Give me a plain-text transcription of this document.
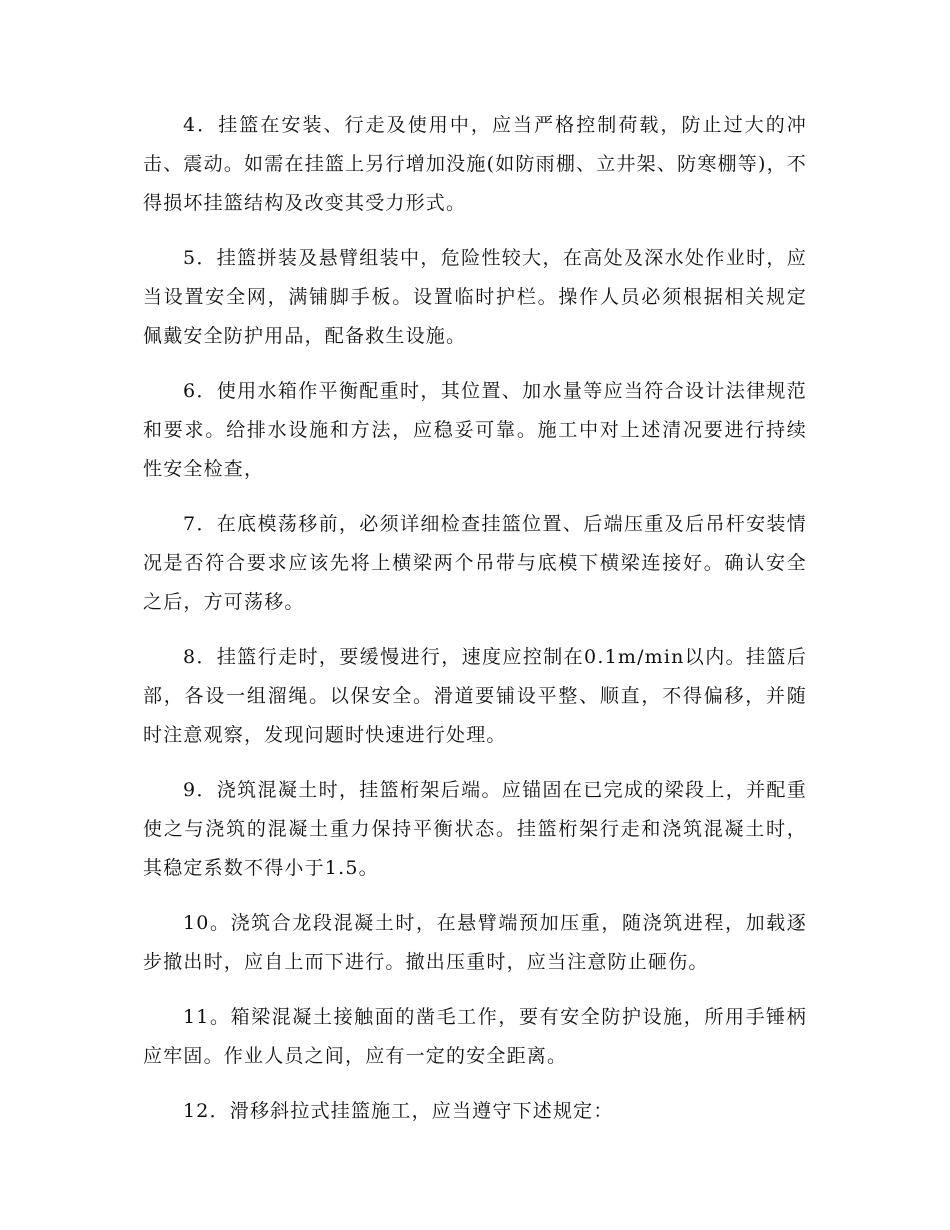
4．挂篮在安装、行走及使用中，应当严格控制荷载，防止过大的冲击、震动。如需在挂篮上另行增加没施(如防雨棚、立井架、防寒棚等)，不得损坏挂篮结构及改变其受力形式。

5．挂篮拼装及悬臂组装中，危险性较大，在高处及深水处作业时，应当设置安全网，满铺脚手板。设置临时护栏。操作人员必须根据相关规定佩戴安全防护用品，配备救生设施。

6．使用水箱作平衡配重时，其位置、加水量等应当符合设计法律规范和要求。给排水设施和方法，应稳妥可靠。施工中对上述清况要进行持续性安全检查，

7．在底模荡移前，必须详细检查挂篮位置、后端压重及后吊杆安装情况是否符合要求应该先将上横梁两个吊带与底模下横梁连接好。确认安全之后，方可荡移。

8．挂篮行走时，要缓慢进行，速度应控制在0.1m/min以内。挂篮后部，各设一组溜绳。以保安全。滑道要铺设平整、顺直，不得偏移，并随时注意观察，发现问题时快速进行处理。

9．浇筑混凝土时，挂篮桁架后端。应锚固在已完成的梁段上，并配重使之与浇筑的混凝土重力保持平衡状态。挂篮桁架行走和浇筑混凝土时，其稳定系数不得小于1.5。

10。浇筑合龙段混凝土时，在悬臂端预加压重，随浇筑进程，加载逐步撤出时，应自上而下进行。撤出压重时，应当注意防止砸伤。

11。箱梁混凝土接触面的凿毛工作，要有安全防护设施，所用手锤柄应牢固。作业人员之间，应有一定的安全距离。

12．滑移斜拉式挂篮施工，应当遵守下述规定：
